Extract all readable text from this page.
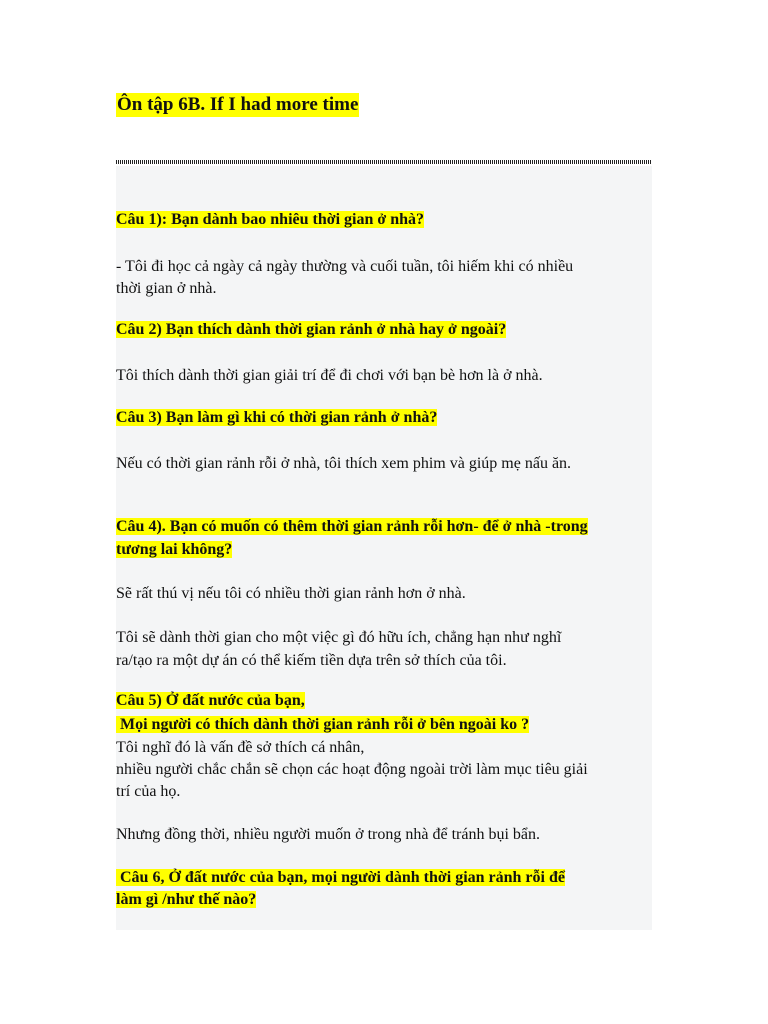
Ôn tập 6B. If I had more time
Câu 1): Bạn dành bao nhiêu thời gian ở nhà?
- Tôi đi học cả ngày cả ngày thường và cuối tuần, tôi hiếm khi có nhiều
thời gian ở nhà.
Câu 2) Bạn thích dành thời gian rảnh ở nhà hay ở ngoài?
Tôi thích dành thời gian giải trí để đi chơi với bạn bè hơn là ở nhà.
Câu 3) Bạn làm gì khi có thời gian rảnh ở nhà?
Nếu có thời gian rảnh rỗi ở nhà, tôi thích xem phim và giúp mẹ nấu ăn.
Câu 4). Bạn có muốn có thêm thời gian rảnh rỗi hơn- để ở nhà -trong
tương lai không?
Sẽ rất thú vị nếu tôi có nhiều thời gian rảnh hơn ở nhà.
Tôi sẽ dành thời gian cho một việc gì đó hữu ích, chẳng hạn như nghĩ
ra/tạo ra một dự án có thể kiếm tiền dựa trên sở thích của tôi.
Câu 5) Ở đất nước của bạn,
Mọi người có thích dành thời gian rảnh rỗi ở bên ngoài ko ?
Tôi nghĩ đó là vấn đề sở thích cá nhân,
nhiều người chắc chắn sẽ chọn các hoạt động ngoài trời làm mục tiêu giải
trí của họ.
Nhưng đồng thời, nhiều người muốn ở trong nhà để tránh bụi bẩn.
Câu 6, Ở đất nước của bạn, mọi người dành thời gian rảnh rỗi để
làm gì /như thế nào?
